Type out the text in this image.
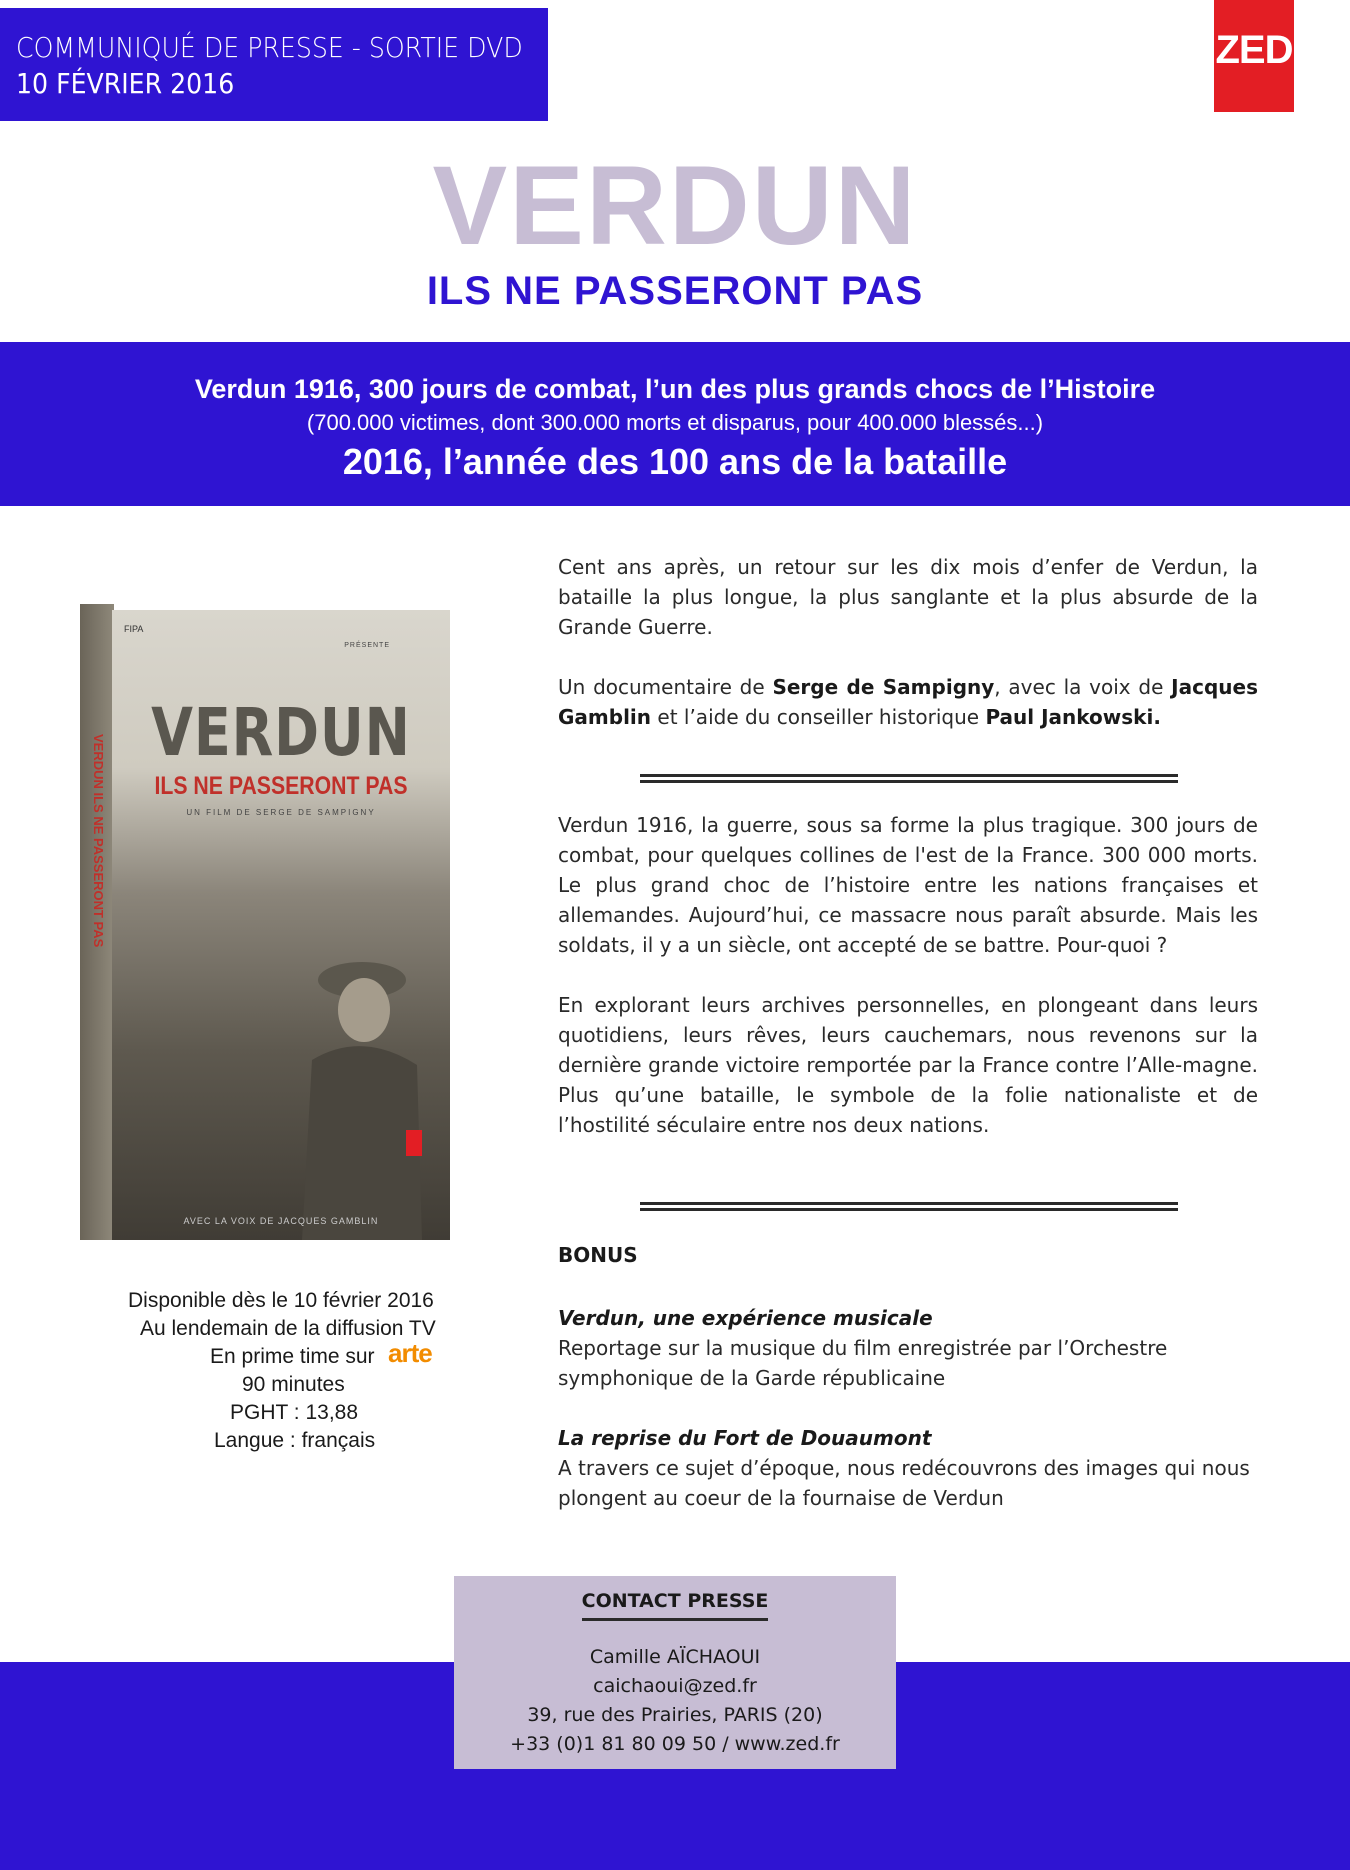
COMMUNIQUÉ DE PRESSE - SORTIE DVD
10 FÉVRIER 2016
ZED
VERDUN
ILS NE PASSERONT PAS
Verdun 1916, 300 jours de combat, l’un des plus grands chocs de l’Histoire
(700.000 victimes, dont 300.000 morts et disparus, pour 400.000 blessés...)
2016, l’année des 100 ans de la bataille
VERDUN ILS NE PASSERONT PAS
FIPA
PRÉSENTE
VERDUN
ILS NE PASSERONT PAS
UN FILM DE SERGE DE SAMPIGNY
AVEC LA VOIX DE JACQUES GAMBLIN
Disponible dès le 10 février 2016
Au lendemain de la diffusion TV
En prime time sur arte
90 minutes
PGHT : 13,88
Langue : français

Cent ans après, un retour sur les dix mois d’enfer de Verdun, la bataille la plus longue, la plus sanglante et la plus absurde de la Grande Guerre.

Un documentaire de Serge de Sampigny, avec la voix de Jacques Gamblin et l’aide du conseiller historique Paul Jankowski.

Verdun 1916, la guerre, sous sa forme la plus tragique. 300 jours de combat, pour quelques collines de l'est de la France. 300 000 morts. Le plus grand choc de l’histoire entre les nations françaises et allemandes. Aujourd’hui, ce massacre nous paraît absurde. Mais les soldats, il y a un siècle, ont accepté de se battre. Pour-quoi ?

En explorant leurs archives personnelles, en plongeant dans leurs quotidiens, leurs rêves, leurs cauchemars, nous revenons sur la dernière grande victoire remportée par la France contre l’Alle-magne. Plus qu’une bataille, le symbole de la folie nationaliste et de l’hostilité séculaire entre nos deux nations.

BONUS
Verdun, une expérience musicale
Reportage sur la musique du film enregistrée par l’Orchestre symphonique de la Garde républicaine
La reprise du Fort de Douaumont
A travers ce sujet d’époque, nous redécouvrons des images qui nous plongent au coeur de la fournaise de Verdun
CONTACT PRESSE
Camille AÏCHAOUI
caichaoui@zed.fr
39, rue des Prairies, PARIS (20)
+33 (0)1 81 80 09 50 / www.zed.fr
